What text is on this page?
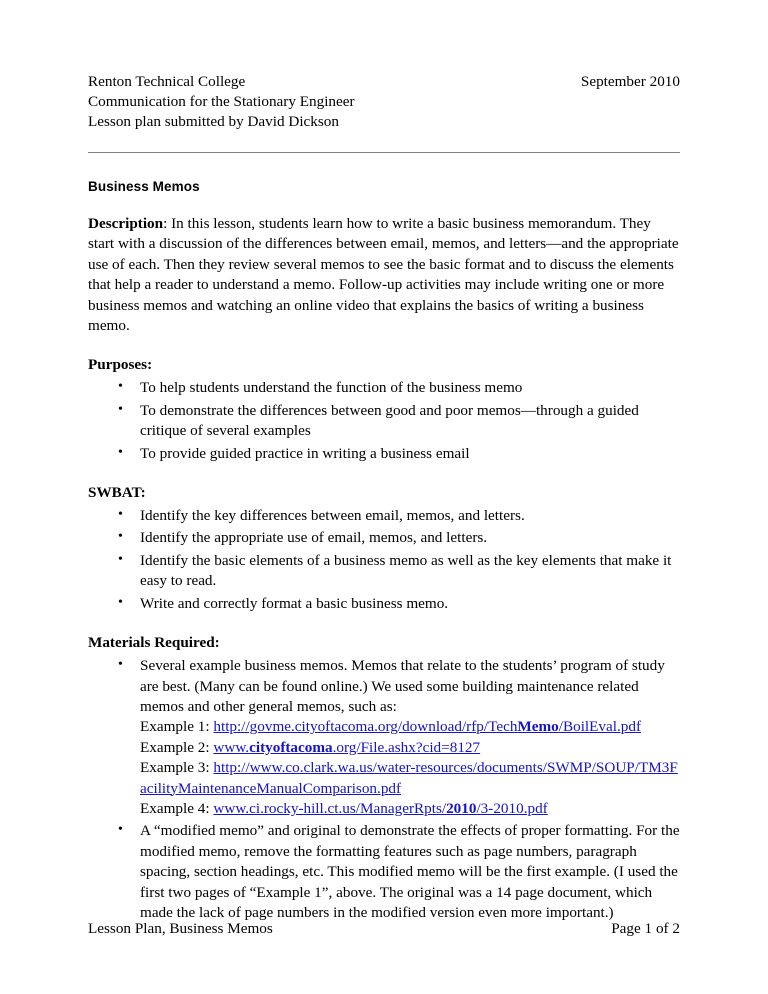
Renton Technical College	September 2010
Communication for the Stationary Engineer
Lesson plan submitted by David Dickson
Business Memos

Description: In this lesson, students learn how to write a basic business memorandum. They start with a discussion of the differences between email, memos, and letters—and the appropriate use of each. Then they review several memos to see the basic format and to discuss the elements that help a reader to understand a memo. Follow-up activities may include writing one or more business memos and watching an online video that explains the basics of writing a business memo.

Purposes:
• To help students understand the function of the business memo
• To demonstrate the differences between good and poor memos—through a guided critique of several examples
• To provide guided practice in writing a business email
SWBAT:
• Identify the key differences between email, memos, and letters.
• Identify the appropriate use of email, memos, and letters.
• Identify the basic elements of a business memo as well as the key elements that make it easy to read.
• Write and correctly format a basic business memo.
Materials Required:
• Several example business memos. Memos that relate to the students’ program of study are best. (Many can be found online.) We used some building maintenance related memos and other general memos, such as:
Example 1: http://govme.cityoftacoma.org/download/rfp/TechMemo/BoilEval.pdf
Example 2: www.cityoftacoma.org/File.ashx?cid=8127
Example 3: http://www.co.clark.wa.us/water-resources/documents/SWMP/SOUP/TM3FacilityMaintenanceManualComparison.pdf
Example 4: www.ci.rocky-hill.ct.us/ManagerRpts/2010/3-2010.pdf
• A “modified memo” and original to demonstrate the effects of proper formatting. For the modified memo, remove the formatting features such as page numbers, paragraph spacing, section headings, etc. This modified memo will be the first example. (I used the first two pages of “Example 1”, above. The original was a 14 page document, which made the lack of page numbers in the modified version even more important.)
Lesson Plan, Business Memos	Page 1 of 2
